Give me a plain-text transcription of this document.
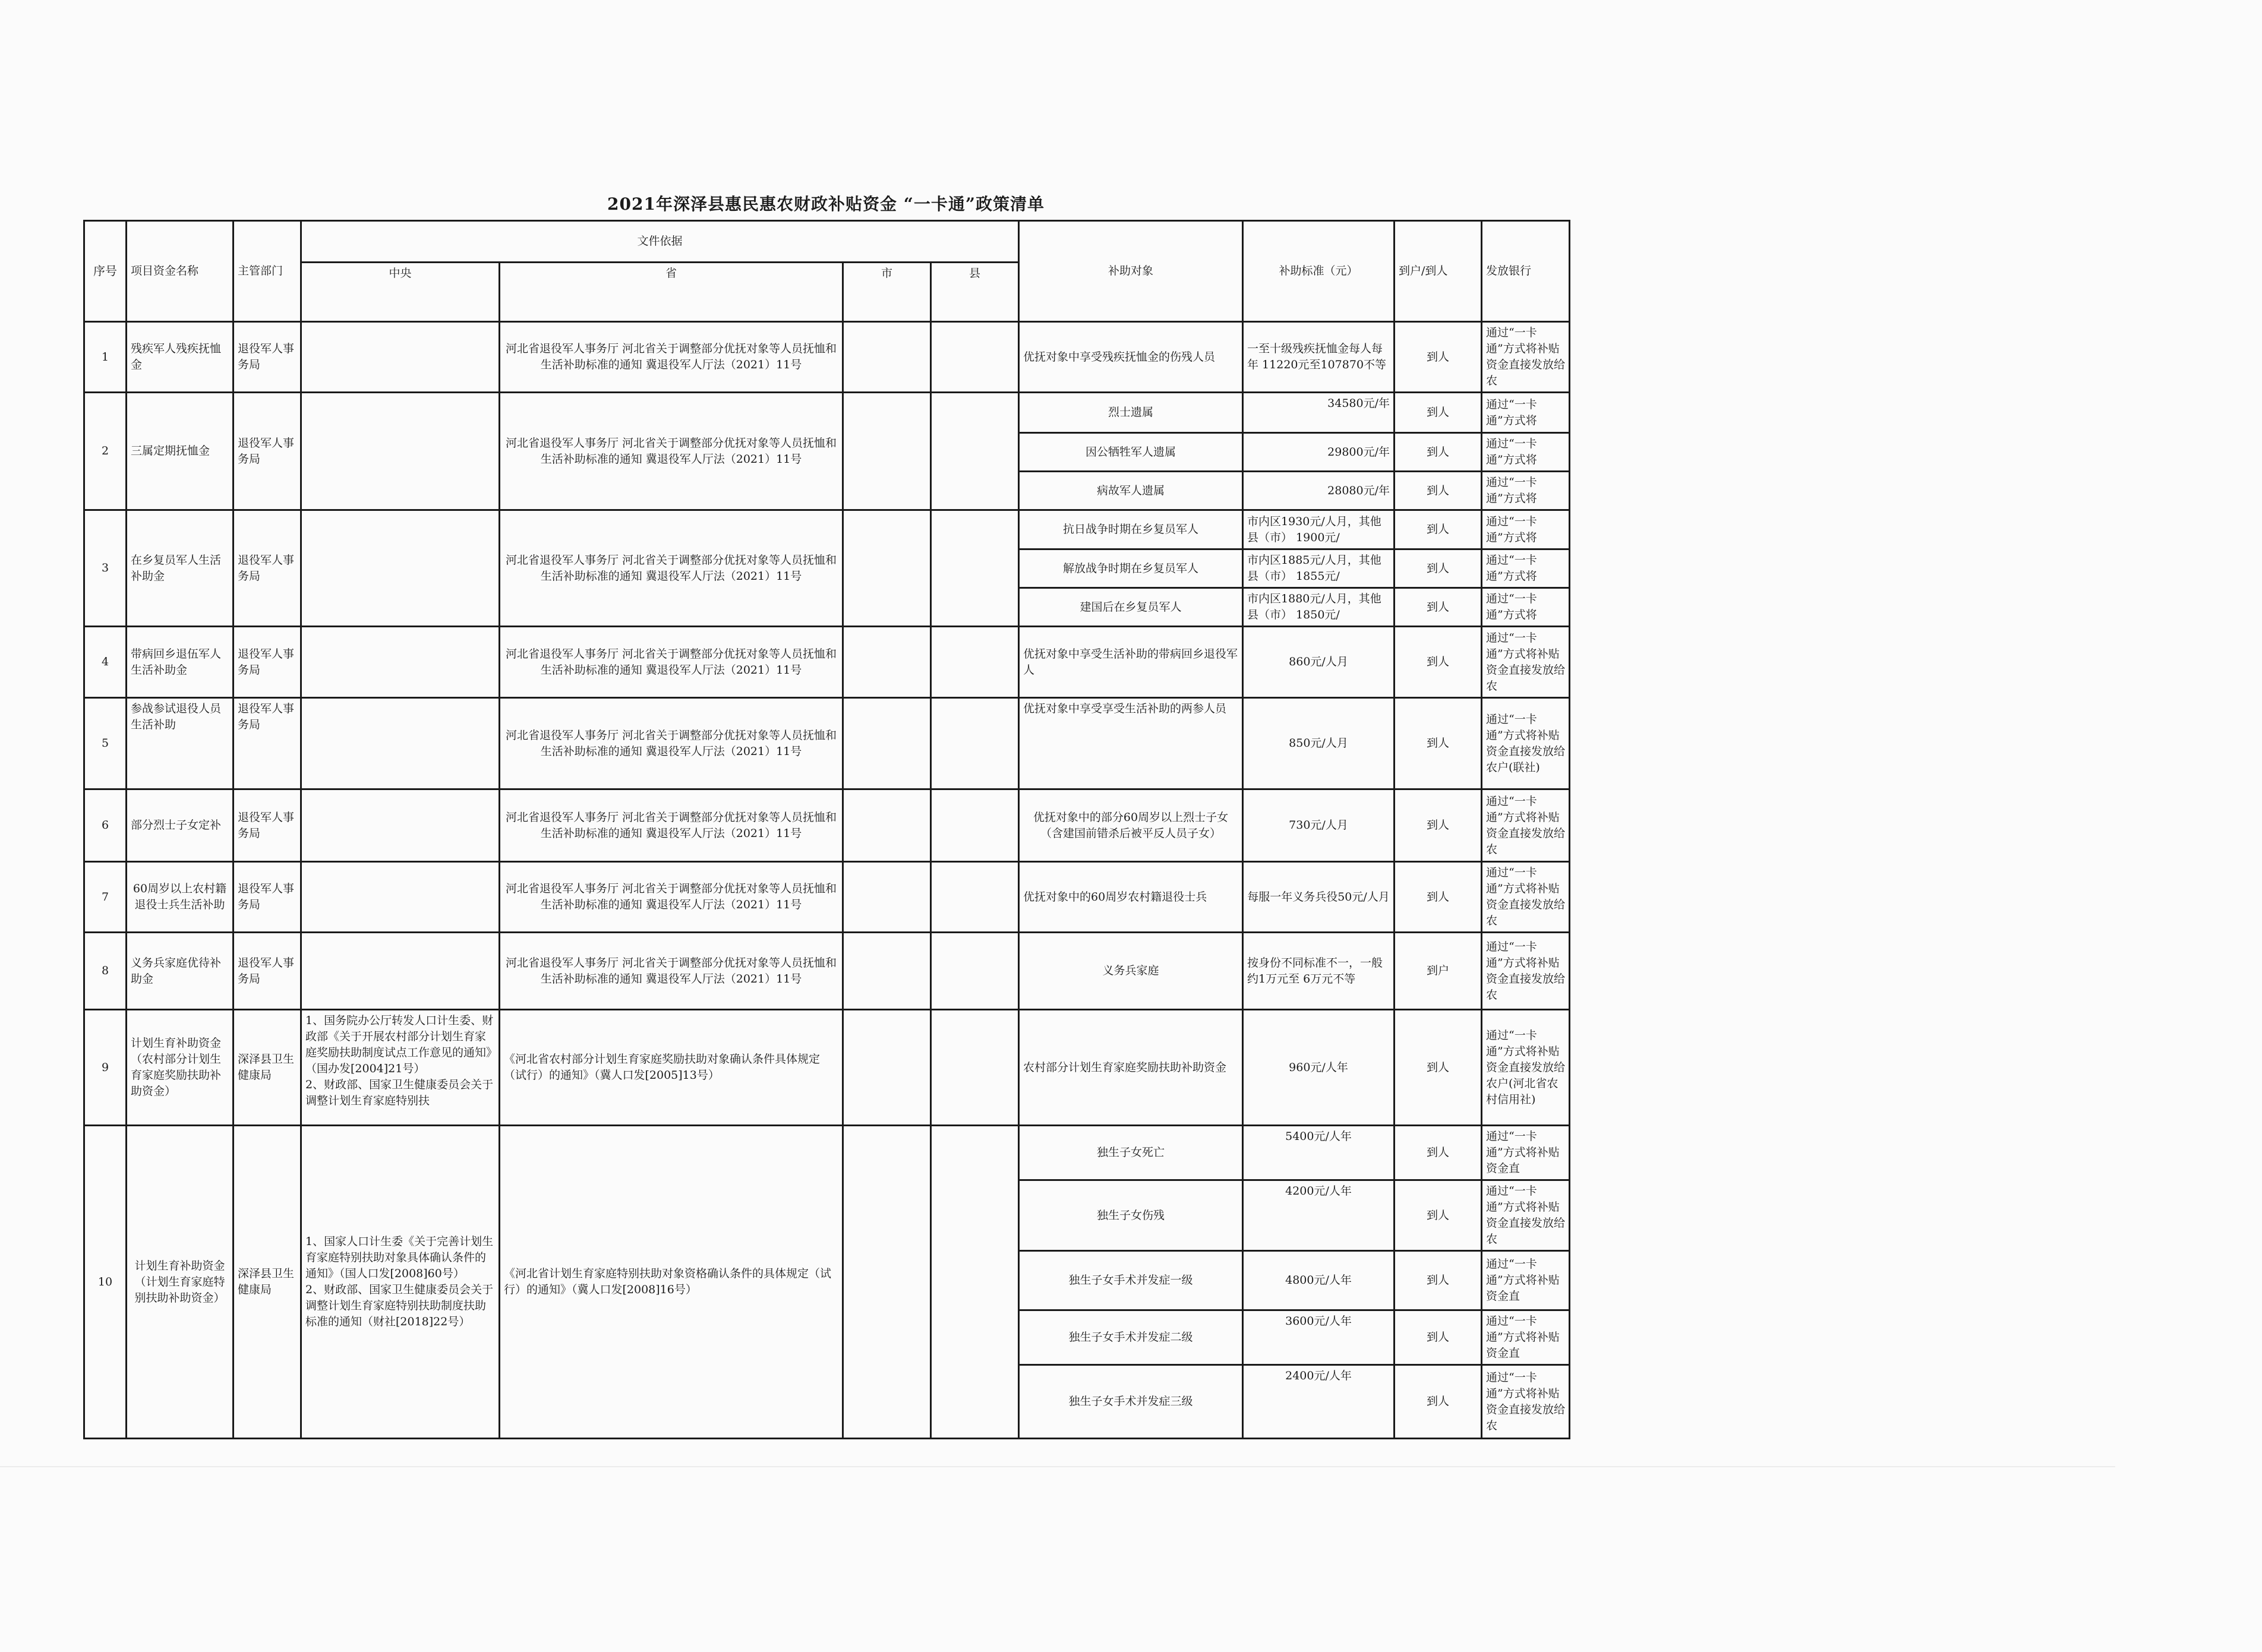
2021年深泽县惠民惠农财政补贴资金 “一卡通”政策清单
序号	项目资金名称	主管部门	文件依据				补助对象	补助标准（元）	到户/到人	发放银行
			中央	省	市	县				
1	残疾军人残疾抚恤金	退役军人事务局		河北省退役军人事务厅 河北省关于调整部分优抚对象等人员抚恤和生活补助标准的通知 冀退役军人厅法（2021）11号			优抚对象中享受残疾抚恤金的伤残人员	一至十级残疾抚恤金每人每年 11220元至107870不等	到人	通过“一卡通”方式将补贴资金直接发放给农
2	三属定期抚恤金	退役军人事务局		河北省退役军人事务厅 河北省关于调整部分优抚对象等人员抚恤和生活补助标准的通知 冀退役军人厅法（2021）11号			烈士遗属	34580元/年	到人	通过“一卡通”方式将
							因公牺牲军人遗属	29800元/年	到人	通过“一卡通”方式将
							病故军人遗属	28080元/年	到人	通过“一卡通”方式将
3	在乡复员军人生活补助金	退役军人事务局		河北省退役军人事务厅 河北省关于调整部分优抚对象等人员抚恤和生活补助标准的通知 冀退役军人厅法（2021）11号			抗日战争时期在乡复员军人	市内区1930元/人月，其他县（市） 1900元/	到人	通过“一卡通”方式将
							解放战争时期在乡复员军人	市内区1885元/人月，其他县（市） 1855元/	到人	通过“一卡通”方式将
							建国后在乡复员军人	市内区1880元/人月，其他县（市） 1850元/	到人	通过“一卡通”方式将
4	带病回乡退伍军人生活补助金	退役军人事务局		河北省退役军人事务厅 河北省关于调整部分优抚对象等人员抚恤和生活补助标准的通知 冀退役军人厅法（2021）11号			优抚对象中享受生活补助的带病回乡退役军人	860元/人月	到人	通过“一卡通”方式将补贴资金直接发放给农
5	参战参试退役人员生活补助	退役军人事务局		河北省退役军人事务厅 河北省关于调整部分优抚对象等人员抚恤和生活补助标准的通知 冀退役军人厅法（2021）11号			优抚对象中享受享受生活补助的两参人员	850元/人月	到人	通过“一卡通”方式将补贴资金直接发放给农户(联社)
6	部分烈士子女定补	退役军人事务局		河北省退役军人事务厅 河北省关于调整部分优抚对象等人员抚恤和生活补助标准的通知 冀退役军人厅法（2021）11号			优抚对象中的部分60周岁以上烈士子女（含建国前错杀后被平反人员子女）	730元/人月	到人	通过“一卡通”方式将补贴资金直接发放给农
7	60周岁以上农村籍退役士兵生活补助	退役军人事务局		河北省退役军人事务厅 河北省关于调整部分优抚对象等人员抚恤和生活补助标准的通知 冀退役军人厅法（2021）11号			优抚对象中的60周岁农村籍退役士兵	每服一年义务兵役50元/人月	到人	通过“一卡通”方式将补贴资金直接发放给农
8	义务兵家庭优待补助金	退役军人事务局		河北省退役军人事务厅 河北省关于调整部分优抚对象等人员抚恤和生活补助标准的通知 冀退役军人厅法（2021）11号			义务兵家庭	按身份不同标准不一，一般约1万元至 6万元不等	到户	通过“一卡通”方式将补贴资金直接发放给农
9	计划生育补助资金（农村部分计划生育家庭奖励扶助补助资金）	深泽县卫生健康局	1、国务院办公厅转发人口计生委、财政部《关于开展农村部分计划生育家庭奖励扶助制度试点工作意见的通知》（国办发[2004]21号）
2、财政部、国家卫生健康委员会关于调整计划生育家庭特别扶	《河北省农村部分计划生育家庭奖励扶助对象确认条件具体规定 （试行）的通知》（冀人口发[2005]13号）			农村部分计划生育家庭奖励扶助补助资金	960元/人年	到人	通过“一卡通”方式将补贴资金直接发放给农户(河北省农村信用社)
10	计划生育补助资金（计划生育家庭特别扶助补助资金）	深泽县卫生健康局	1、国家人口计生委《关于完善计划生育家庭特别扶助对象具体确认条件的通知》（国人口发[2008]60号）
2、财政部、国家卫生健康委员会关于调整计划生育家庭特别扶助制度扶助标准的通知（财社[2018]22号）	《河北省计划生育家庭特别扶助对象资格确认条件的具体规定（试 行）的通知》（冀人口发[2008]16号）			独生子女死亡	5400元/人年	到人	通过“一卡通”方式将补贴资金直
							独生子女伤残	4200元/人年	到人	通过“一卡通”方式将补贴资金直接发放给农
							独生子女手术并发症一级	4800元/人年	到人	通过“一卡通”方式将补贴资金直
							独生子女手术并发症二级	3600元/人年	到人	通过“一卡通”方式将补贴资金直
							独生子女手术并发症三级	2400元/人年	到人	通过“一卡通”方式将补贴资金直接发放给农
